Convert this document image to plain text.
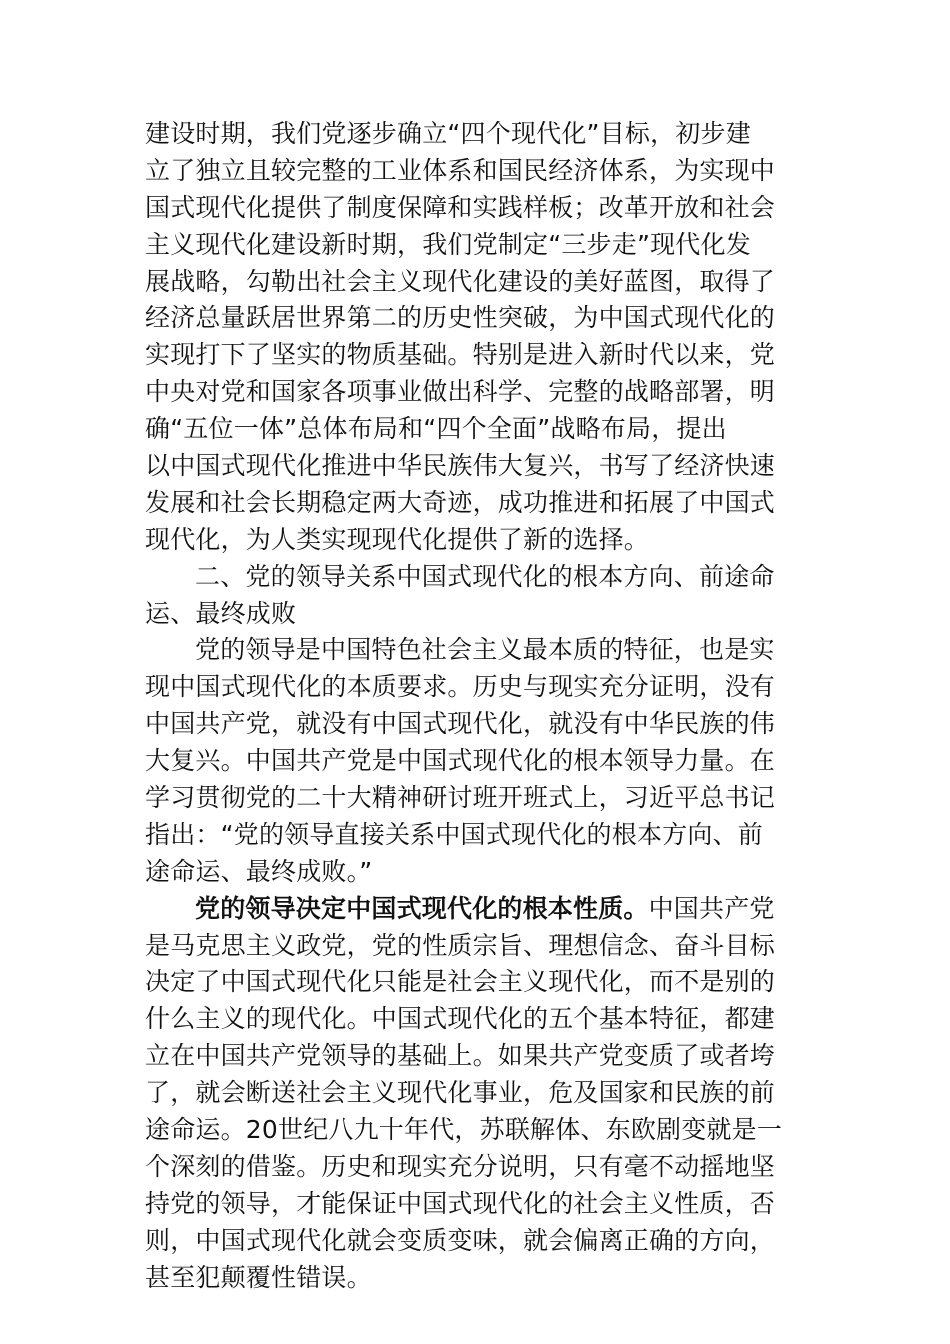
建设时期，我们党逐步确立“四个现代化”目标，初步建
立了独立且较完整的工业体系和国民经济体系，为实现中
国式现代化提供了制度保障和实践样板；改革开放和社会
主义现代化建设新时期，我们党制定“三步走”现代化发
展战略，勾勒出社会主义现代化建设的美好蓝图，取得了
经济总量跃居世界第二的历史性突破，为中国式现代化的
实现打下了坚实的物质基础。特别是进入新时代以来，党
中央对党和国家各项事业做出科学、完整的战略部署，明
确“五位一体”总体布局和“四个全面”战略布局，提出
以中国式现代化推进中华民族伟大复兴，书写了经济快速
发展和社会长期稳定两大奇迹，成功推进和拓展了中国式
现代化，为人类实现现代化提供了新的选择。
二、党的领导关系中国式现代化的根本方向、前途命
运、最终成败
党的领导是中国特色社会主义最本质的特征，也是实
现中国式现代化的本质要求。历史与现实充分证明，没有
中国共产党，就没有中国式现代化，就没有中华民族的伟
大复兴。中国共产党是中国式现代化的根本领导力量。在
学习贯彻党的二十大精神研讨班开班式上，习近平总书记
指出：“党的领导直接关系中国式现代化的根本方向、前
途命运、最终成败。”
党的领导决定中国式现代化的根本性质。中国共产党
是马克思主义政党，党的性质宗旨、理想信念、奋斗目标
决定了中国式现代化只能是社会主义现代化，而不是别的
什么主义的现代化。中国式现代化的五个基本特征，都建
立在中国共产党领导的基础上。如果共产党变质了或者垮
了，就会断送社会主义现代化事业，危及国家和民族的前
途命运。20世纪八九十年代，苏联解体、东欧剧变就是一
个深刻的借鉴。历史和现实充分说明，只有毫不动摇地坚
持党的领导，才能保证中国式现代化的社会主义性质，否
则，中国式现代化就会变质变味，就会偏离正确的方向，
甚至犯颠覆性错误。
